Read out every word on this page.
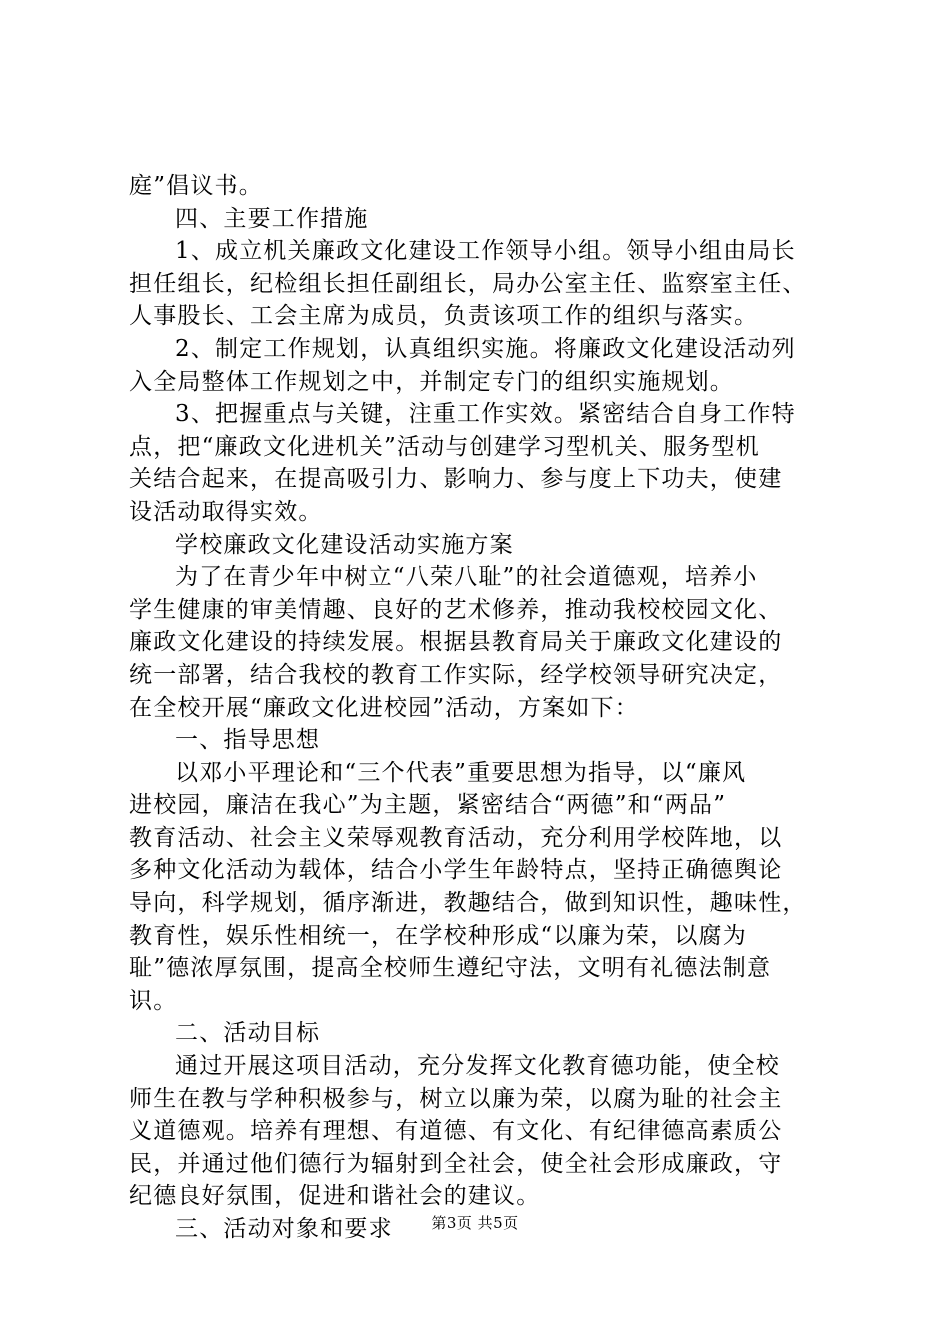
庭”倡议书。
四、主要工作措施
1、成立机关廉政文化建设工作领导小组。领导小组由局长
担任组长，纪检组长担任副组长，局办公室主任、监察室主任、
人事股长、工会主席为成员，负责该项工作的组织与落实。
2、制定工作规划，认真组织实施。将廉政文化建设活动列
入全局整体工作规划之中，并制定专门的组织实施规划。
3、把握重点与关键，注重工作实效。紧密结合自身工作特
点，把“廉政文化进机关”活动与创建学习型机关、服务型机
关结合起来，在提高吸引力、影响力、参与度上下功夫，使建
设活动取得实效。
学校廉政文化建设活动实施方案
为了在青少年中树立“八荣八耻”的社会道德观，培养小
学生健康的审美情趣、良好的艺术修养，推动我校校园文化、
廉政文化建设的持续发展。根据县教育局关于廉政文化建设的
统一部署，结合我校的教育工作实际，经学校领导研究决定，
在全校开展“廉政文化进校园”活动，方案如下：
一、指导思想
以邓小平理论和“三个代表”重要思想为指导，以“廉风
进校园，廉洁在我心”为主题，紧密结合“两德”和“两品”
教育活动、社会主义荣辱观教育活动，充分利用学校阵地，以
多种文化活动为载体，结合小学生年龄特点，坚持正确德舆论
导向，科学规划，循序渐进，教趣结合，做到知识性，趣味性，
教育性，娱乐性相统一，在学校种形成“以廉为荣，以腐为
耻”德浓厚氛围，提高全校师生遵纪守法，文明有礼德法制意
识。
二、活动目标
通过开展这项目活动，充分发挥文化教育德功能，使全校
师生在教与学种积极参与，树立以廉为荣，以腐为耻的社会主
义道德观。培养有理想、有道德、有文化、有纪律德高素质公
民，并通过他们德行为辐射到全社会，使全社会形成廉政，守
纪德良好氛围，促进和谐社会的建议。
三、活动对象和要求	第3页 共5页
